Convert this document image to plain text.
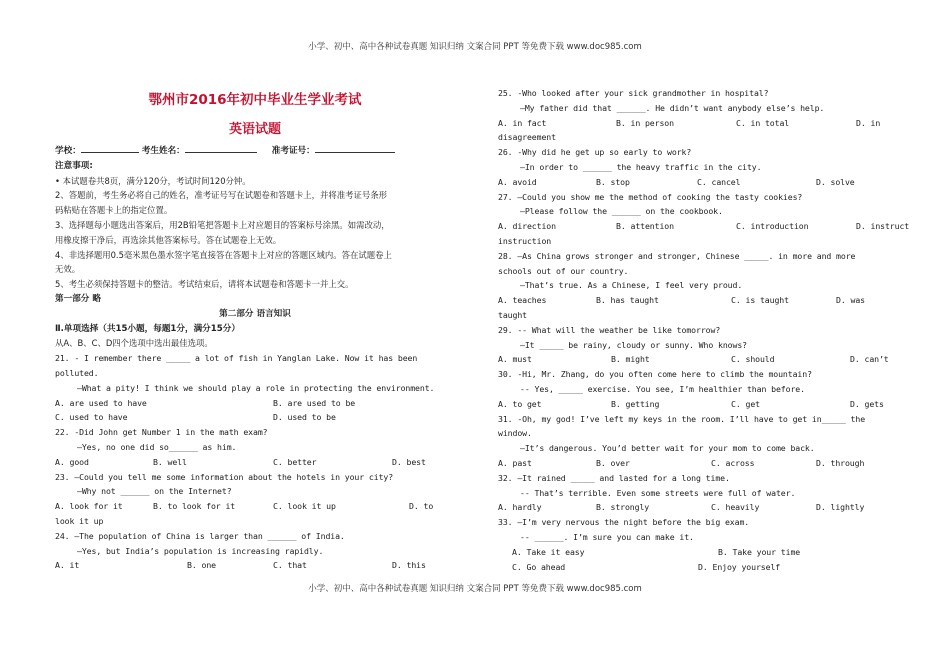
小学、初中、高中各种试卷真题 知识归纳 文案合同 PPT 等免费下载 www.doc985.com
小学、初中、高中各种试卷真题 知识归纳 文案合同 PPT 等免费下载 www.doc985.com
鄂州市2016年初中毕业生学业考试
英语试题
学校：	考生姓名：	准考证号：
注意事项:
• 本试题卷共8页，满分120分，考试时间120分钟。
2、答题前，考生务必将自己的姓名，准考证号写在试题卷和答题卡上，并将准考证号条形
码粘贴在答题卡上的指定位置。
3、选择题每小题选出答案后，用2B铅笔把答题卡上对应题目的答案标号涂黑。如需改动，
用橡皮擦干净后，再选涂其他答案标号。答在试题卷上无效。
4、非选择题用0.5毫米黑色墨水签字笔直接答在答题卡上对应的答题区域内。答在试题卷上
无效。
5、考生必须保持答题卡的整洁。考试结束后，请将本试题卷和答题卡一并上交。
第一部分 略
第二部分 语言知识
Ⅱ.单项选择（共15小题，每题1分，满分15分）
从A、B、C、D四个选项中选出最佳选项。
21. - I remember there _____ a lot of fish in Yanglan Lake. Now it has been
polluted.
—What a pity! I think we should play a role in protecting the environment.
A. are used to have	B. are used to be
C. used to have	D. used to be
22. -Did John get Number 1 in the math exam?
—Yes, no one did so______ as him.
A. good	B. well	C. better	D. best
23. —Could you tell me some information about the hotels in your city?
—Why not ______ on the Internet?
A. look for it	B. to look for it	C. look it up	D. to
look it up
24. —The population of China is larger than ______ of India.
—Yes, but India’s population is increasing rapidly.
A. it	B. one	C. that	D. this
25. -Who looked after your sick grandmother in hospital?
—My father did that ______. He didn’t want anybody else’s help.
A. in fact	B. in person	C. in total	D. in
disagreement
26. -Why did he get up so early to work?
—In order to ______ the heavy traffic in the city.
A. avoid	B. stop	C. cancel	D. solve
27. —Could you show me the method of cooking the tasty cookies?
—Please follow the ______ on the cookbook.
A. direction	B. attention	C. introduction	D. instruct
instruction
28. —As China grows stronger and stronger, Chinese _____. in more and more
schools out of our country.
—That’s true. As a Chinese, I feel very proud.
A. teaches	B. has taught	C. is taught	D. was
taught
29. -- What will the weather be like tomorrow?
—It _____ be rainy, cloudy or sunny. Who knows?
A. must	B. might	C. should	D. can’t
30. -Hi, Mr. Zhang, do you often come here to climb the mountain?
-- Yes, _____ exercise. You see, I’m healthier than before.
A. to get	B. getting	C. get	D. gets
31. -Oh, my god! I’ve left my keys in the room. I’ll have to get in_____ the
window.
—It’s dangerous. You’d better wait for your mom to come back.
A. past	B. over	C. across	D. through
32. —It rained _____ and lasted for a long time.
-- That’s terrible. Even some streets were full of water.
A. hardly	B. strongly	C. heavily	D. lightly
33. —I’m very nervous the night before the big exam.
-- ______. I’m sure you can make it.
A. Take it easy	B. Take your time
C. Go ahead	D. Enjoy yourself
